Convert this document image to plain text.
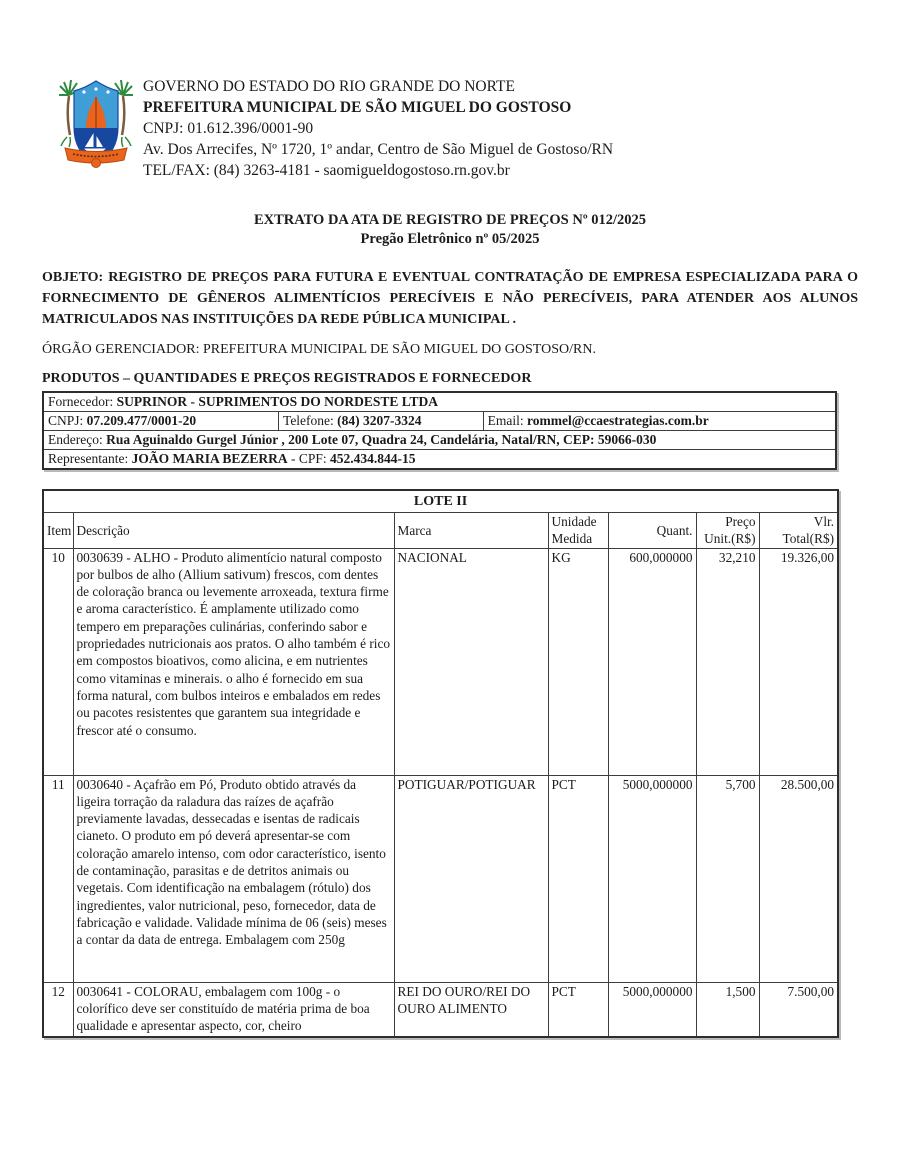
GOVERNO DO ESTADO DO RIO GRANDE DO NORTE
PREFEITURA MUNICIPAL DE SÃO MIGUEL DO GOSTOSO
CNPJ: 01.612.396/0001-90
Av. Dos Arrecifes, Nº 1720, 1º andar, Centro de São Miguel de Gostoso/RN
TEL/FAX: (84) 3263-4181 - saomigueldogostoso.rn.gov.br
EXTRATO DA ATA DE REGISTRO DE PREÇOS Nº 012/2025
Pregão Eletrônico nº 05/2025

OBJETO: REGISTRO DE PREÇOS PARA FUTURA E EVENTUAL CONTRATAÇÃO DE EMPRESA ESPECIALIZADA PARA O FORNECIMENTO DE GÊNEROS ALIMENTÍCIOS PERECÍVEIS E NÃO PERECÍVEIS, PARA ATENDER AOS ALUNOS MATRICULADOS NAS INSTITUIÇÕES DA REDE PÚBLICA MUNICIPAL .

ÓRGÃO GERENCIADOR: PREFEITURA MUNICIPAL DE SÃO MIGUEL DO GOSTOSO/RN.

PRODUTOS – QUANTIDADES E PREÇOS REGISTRADOS E FORNECEDOR

Fornecedor: SUPRINOR - SUPRIMENTOS DO NORDESTE LTDA
CNPJ: 07.209.477/0001-20	Telefone: (84) 3207-3324	Email: rommel@ccaestrategias.com.br
Endereço: Rua Aguinaldo Gurgel Júnior , 200 Lote 07, Quadra 24, Candelária, Natal/RN, CEP: 59066-030
Representante: JOÃO MARIA BEZERRA - CPF: 452.434.844-15
LOTE II						
Item	Descrição	Marca	Unidade Medida	Quant.	Preço Unit.(R$)	Vlr. Total(R$)
10	0030639 - ALHO - Produto alimentício natural composto por bulbos de alho (Allium sativum) frescos, com dentes de coloração branca ou levemente arroxeada, textura firme e aroma característico. É amplamente utilizado como tempero em preparações culinárias, conferindo sabor e propriedades nutricionais aos pratos. O alho também é rico em compostos bioativos, como alicina, e em nutrientes como vitaminas e minerais. o alho é fornecido em sua forma natural, com bulbos inteiros e embalados em redes ou pacotes resistentes que garantem sua integridade e frescor até o consumo.	NACIONAL	KG	600,000000	32,210	19.326,00
11	0030640 - Açafrão em Pó, Produto obtido através da ligeira torração da raladura das raízes de açafrão previamente lavadas, dessecadas e isentas de radicais cianeto. O produto em pó deverá apresentar-se com coloração amarelo intenso, com odor característico, isento de contaminação, parasitas e de detritos animais ou vegetais. Com identificação na embalagem (rótulo) dos ingredientes, valor nutricional, peso, fornecedor, data de fabricação e validade. Validade mínima de 06 (seis) meses a contar da data de entrega. Embalagem com 250g	POTIGUAR/POTIGUAR	PCT	5000,000000	5,700	28.500,00
12	0030641 - COLORAU, embalagem com 100g - o colorífico deve ser constituído de matéria prima de boa qualidade e apresentar aspecto, cor, cheiro	REI DO OURO/REI DO OURO ALIMENTO	PCT	5000,000000	1,500	7.500,00
